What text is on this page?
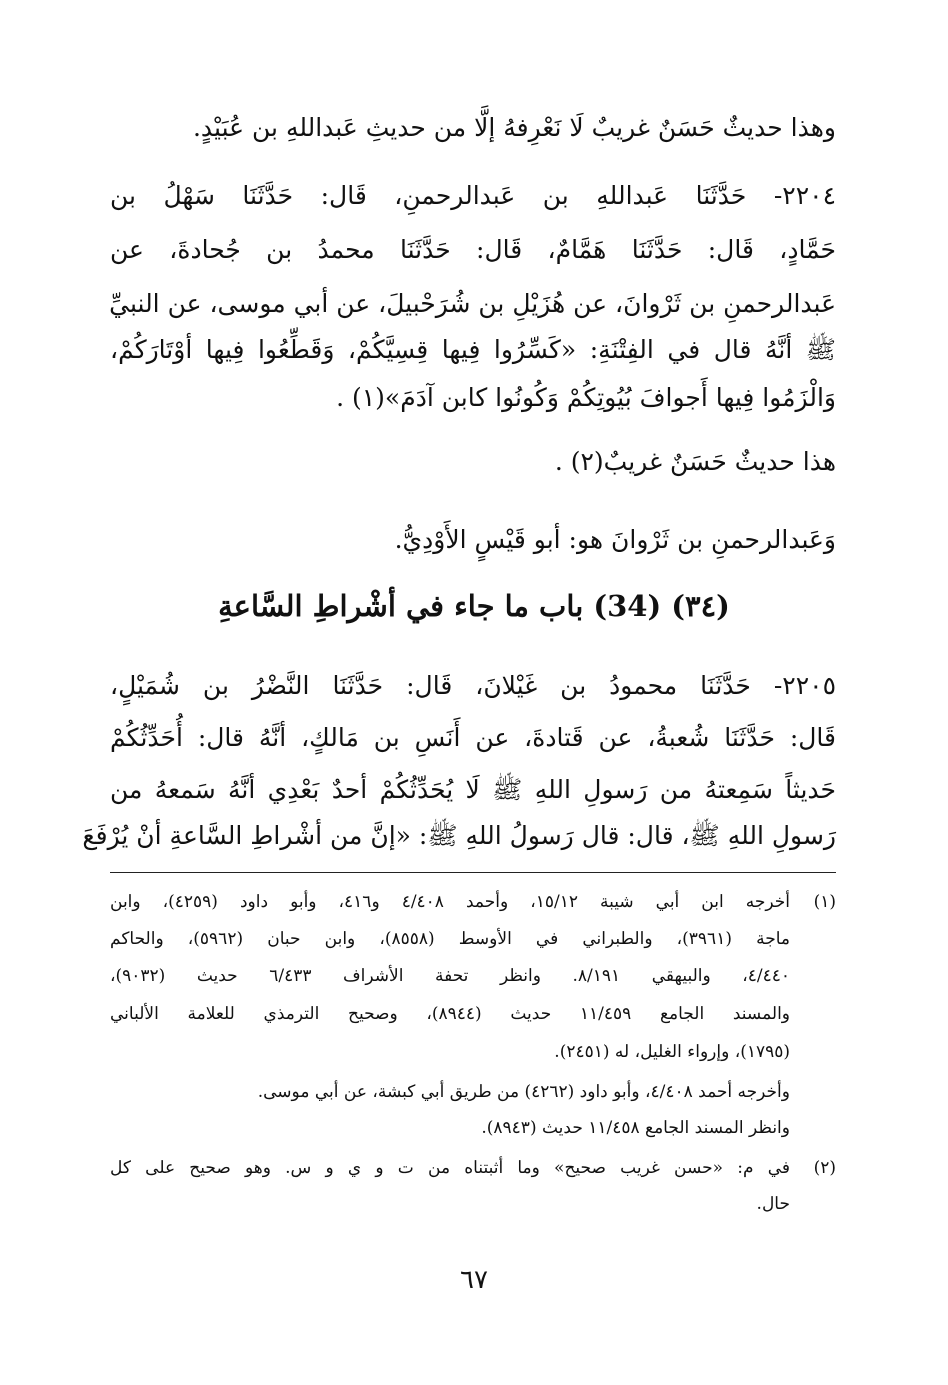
وهذا حديثٌ حَسَنٌ غريبٌ لَا نَعْرِفهُ إلَّا من حديثِ عَبداللهِ بن عُبَيْدٍ.
٢٢٠٤- حَدَّثَنَا عَبداللهِ بن عَبدالرحمنِ، قَال: حَدَّثَنَا سَهْلُ بن
حَمَّادٍ، قَال: حَدَّثَنَا هَمَّامٌ، قَال: حَدَّثَنَا محمدُ بن جُحادةَ، عن
عَبدالرحمنِ بن ثَرْوانَ، عن هُزَيْلِ بن شُرَحْبيلَ، عن أبي موسى، عن النبيِّ
ﷺ أنَّهُ قال في الفِتْنَةِ: «كَسِّرُوا فِيها قِسِيَّكُمْ، وَقَطِّعُوا فِيها أوْتَارَكُمْ،
وَالْزَمُوا فِيها أَجوافَ بُيُوتِكُمْ وَكُونُوا كابن آدَمَ»(١) .
هذا حديثٌ حَسَنٌ غريبٌ(٢) .
وَعَبدالرحمنِ بن ثَرْوانَ هو: أبو قَيْسٍ الأَوْدِيُّ.
(٣٤) (34) باب ما جاء في أشْراطِ السَّاعةِ
٢٢٠٥- حَدَّثَنَا محمودُ بن غَيْلانَ، قَال: حَدَّثَنَا النَّضْرُ بن شُمَيْلٍ،
قَال: حَدَّثَنَا شُعبةُ، عن قَتادةَ، عن أَنَسِ بن مَالكٍ، أنَّهُ قال: أُحَدِّثُكُمْ
حَديثاً سَمِعتهُ من رَسولِ اللهِ ﷺ لَا يُحَدِّثُكُمْ أحدٌ بَعْدِي أنَّهُ سَمعهُ من
رَسولِ اللهِ ﷺ، قال: قال رَسولُ اللهِ ﷺ: «إنَّ من أشْراطِ السَّاعةِ أنْ يُرْفَعَ
(١)
أخرجه ابن أبي شيبة ١٥/١٢، وأحمد ٤/٤٠٨ و٤١٦، وأبو داود (٤٢٥٩)، وابن
ماجة (٣٩٦١)، والطبراني في الأوسط (٨٥٥٨)، وابن حبان (٥٩٦٢)، والحاكم
٤/٤٤٠، والبيهقي ٨/١٩١. وانظر تحفة الأشراف ٦/٤٣٣ حديث (٩٠٣٢)،
والمسند الجامع ١١/٤٥٩ حديث (٨٩٤٤)، وصحيح الترمذي للعلامة الألباني
(١٧٩٥)، وإرواء الغليل، له (٢٤٥١).
وأخرجه أحمد ٤/٤٠٨، وأبو داود (٤٢٦٢) من طريق أبي كبشة، عن أبي موسى.
وانظر المسند الجامع ١١/٤٥٨ حديث (٨٩٤٣).
(٢)
في م: «حسن غريب صحيح» وما أثبتناه من ت و ي و س. وهو صحيح على كل
حال.
٦٧
